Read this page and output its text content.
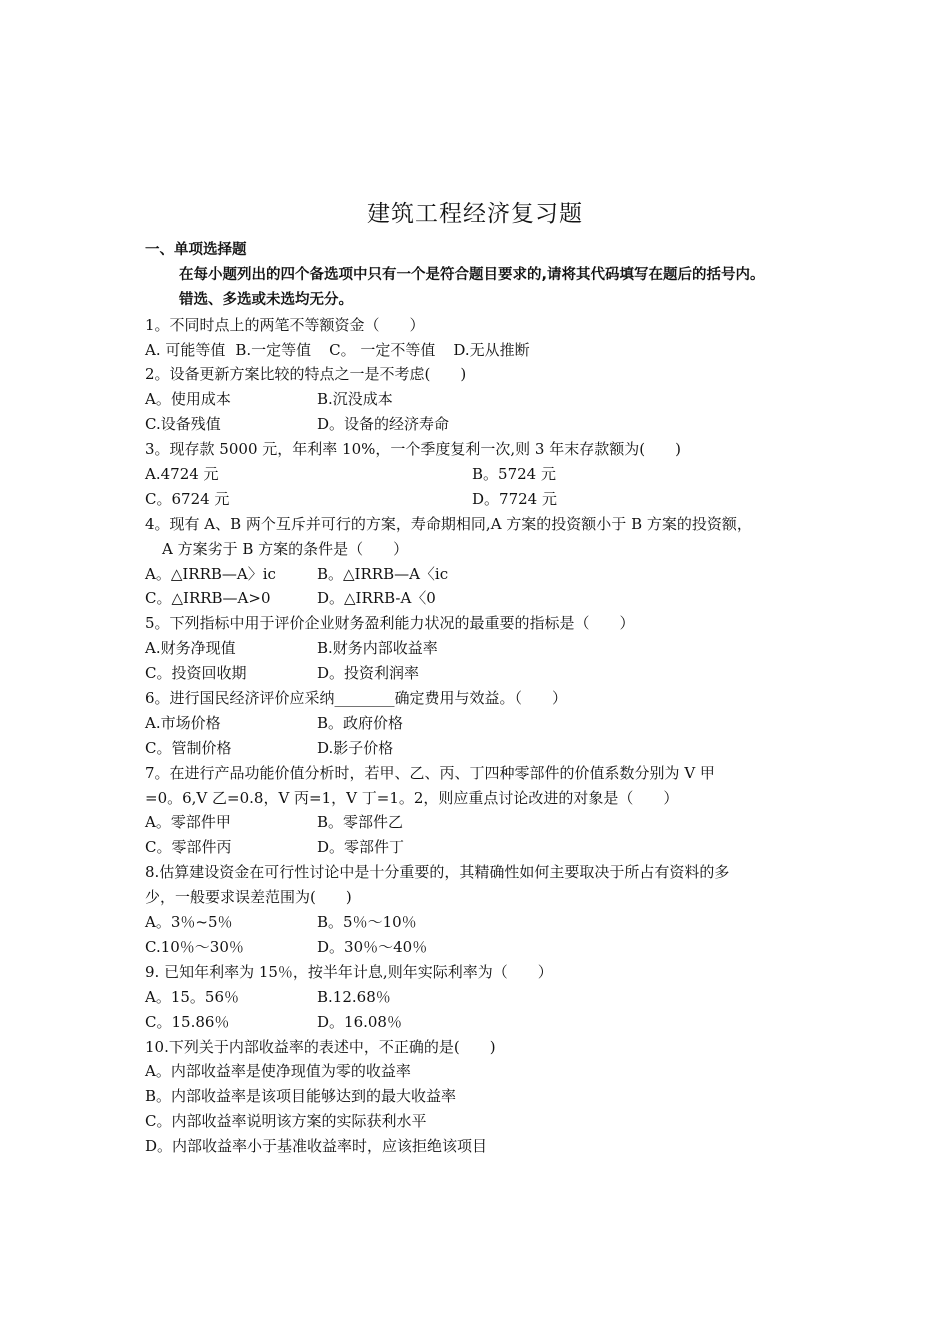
建筑工程经济复习题
一、单项选择题
在每小题列出的四个备选项中只有一个是符合题目要求的,请将其代码填写在题后的括号内。
错选、多选或未选均无分。
1。不同时点上的两笔不等额资金（　　）
A. 可能等值 B.一定等值 C。 一定不等值 D.无从推断
2。设备更新方案比较的特点之一是不考虑(　　)
A。使用成本	B.沉没成本
C.设备残值	D。设备的经济寿命
3。现存款 5000 元，年利率 10%，一个季度复利一次,则 3 年末存款额为(　　)
A.4724 元	B。5724 元
C。6724 元	D。7724 元
4。现有 A、B 两个互斥并可行的方案，寿命期相同,A 方案的投资额小于 B 方案的投资额，
A 方案劣于 B 方案的条件是（　　）
A。△IRRB—A〉ic	B。△IRRB—A〈ic
C。△IRRB—A>0	D。△IRRB-A〈0
5。下列指标中用于评价企业财务盈利能力状况的最重要的指标是（　　）
A.财务净现值	B.财务内部收益率
C。投资回收期	D。投资利润率
6。进行国民经济评价应采纳________确定费用与效益。（　　）
A.市场价格	B。政府价格
C。管制价格	D.影子价格
7。在进行产品功能价值分析时，若甲、乙、丙、丁四种零部件的价值系数分别为 V 甲
=0。6,V 乙=0.8，V 丙=1，V 丁=1。2，则应重点讨论改进的对象是（　　）
A。零部件甲	B。零部件乙
C。零部件丙	D。零部件丁
8.估算建设资金在可行性讨论中是十分重要的，其精确性如何主要取决于所占有资料的多
少，一般要求误差范围为(　　)
A。3％~5％	B。5％～10％
C.10％～30％	D。30％～40％
9. 已知年利率为 15％，按半年计息,则年实际利率为（　　）
A。15。56％	B.12.68％
C。15.86％	D。16.08％
10.下列关于内部收益率的表述中，不正确的是(　　)
A。内部收益率是使净现值为零的收益率
B。内部收益率是该项目能够达到的最大收益率
C。内部收益率说明该方案的实际获利水平
D。内部收益率小于基准收益率时，应该拒绝该项目
